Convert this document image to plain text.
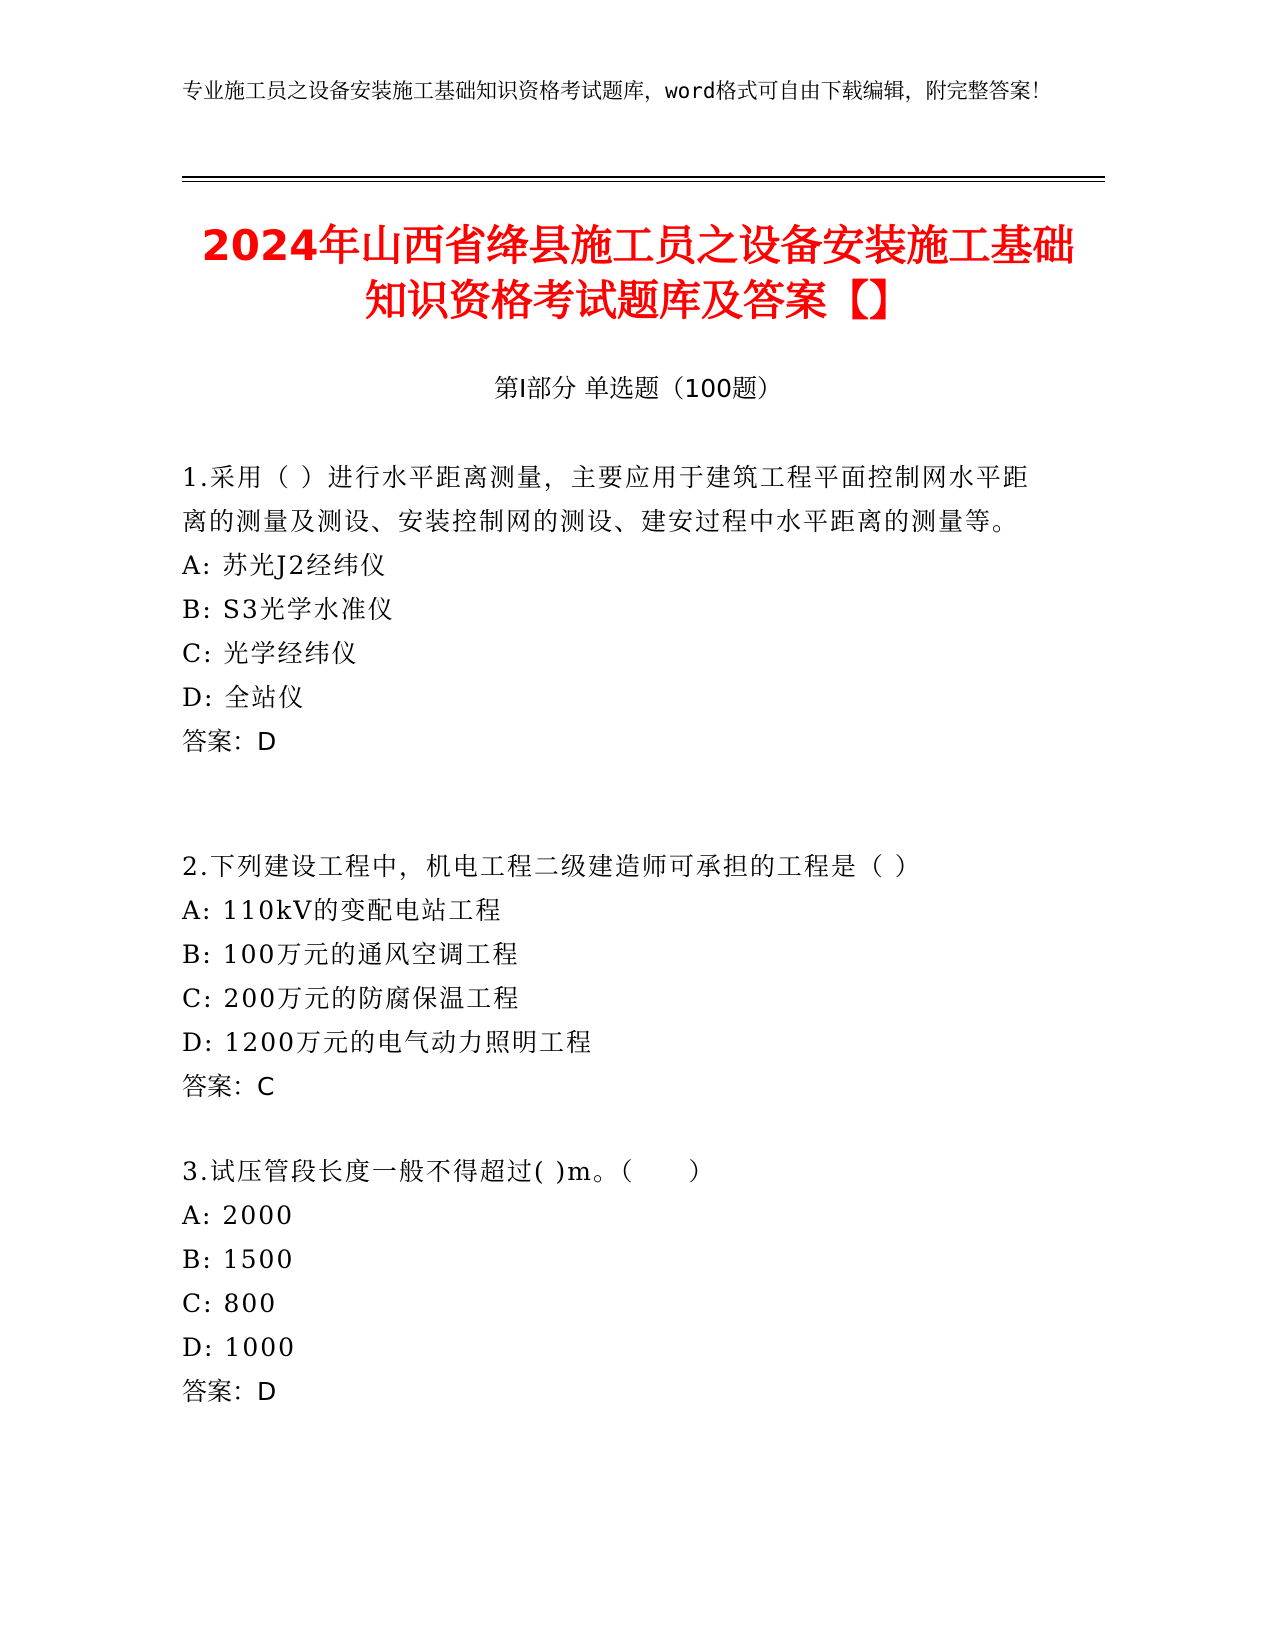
专业施工员之设备安装施工基础知识资格考试题库，word格式可自由下载编辑，附完整答案！
2024年山西省绛县施工员之设备安装施工基础知识资格考试题库及答案【】
第I部分 单选题（100题）
1.采用（ ）进行水平距离测量，主要应用于建筑工程平面控制网水平距离的测量及测设、安装控制网的测设、建安过程中水平距离的测量等。
A: 苏光J2经纬仪
B: S3光学水准仪
C: 光学经纬仪
D: 全站仪
答案：D
2.下列建设工程中，机电工程二级建造师可承担的工程是（ ）
A: 110kV的变配电站工程
B: 100万元的通风空调工程
C: 200万元的防腐保温工程
D: 1200万元的电气动力照明工程
答案：C
3.试压管段长度一般不得超过( )m。（　　）
A: 2000
B: 1500
C: 800
D: 1000
答案：D
